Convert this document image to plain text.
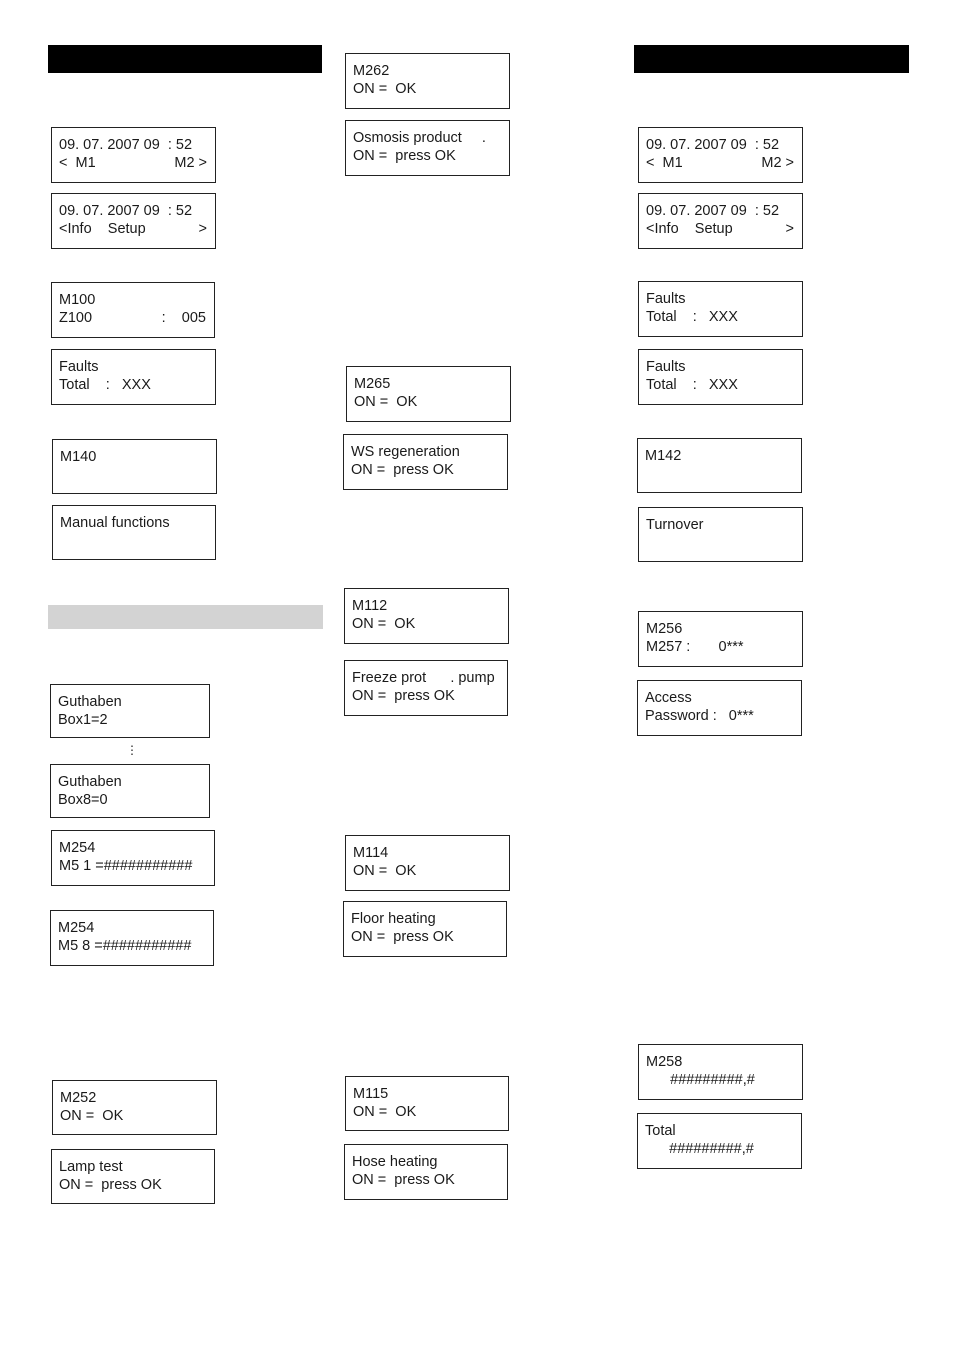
09. 07. 2007 09  : 52
<  M1	M2 >
09. 07. 2007 09  : 52
<Info    Setup	>
M100
Z100	:    005
Faults
Total    :   XXX
M140
Manual functions
Guthaben
Box1=2
⋮
Guthaben
Box8=0
M254
M5 1 =###########
M254
M5 8 =###########
M252
ON =  OK
Lamp test
ON =  press OK
M262
ON =  OK
Osmosis product     .
ON =  press OK
M265
ON =  OK
WS regeneration
ON =  press OK
M112
ON =  OK
Freeze prot      . pump
ON =  press OK
M114
ON =  OK
Floor heating
ON =  press OK
M115
ON =  OK
Hose heating
ON =  press OK
09. 07. 2007 09  : 52
<  M1	M2 >
09. 07. 2007 09  : 52
<Info    Setup	>
Faults
Total    :   XXX
Faults
Total    :   XXX
M142
Turnover
M256
M257 :       0***
Access
Password :   0***
M258
#########,#
Total
#########,#
